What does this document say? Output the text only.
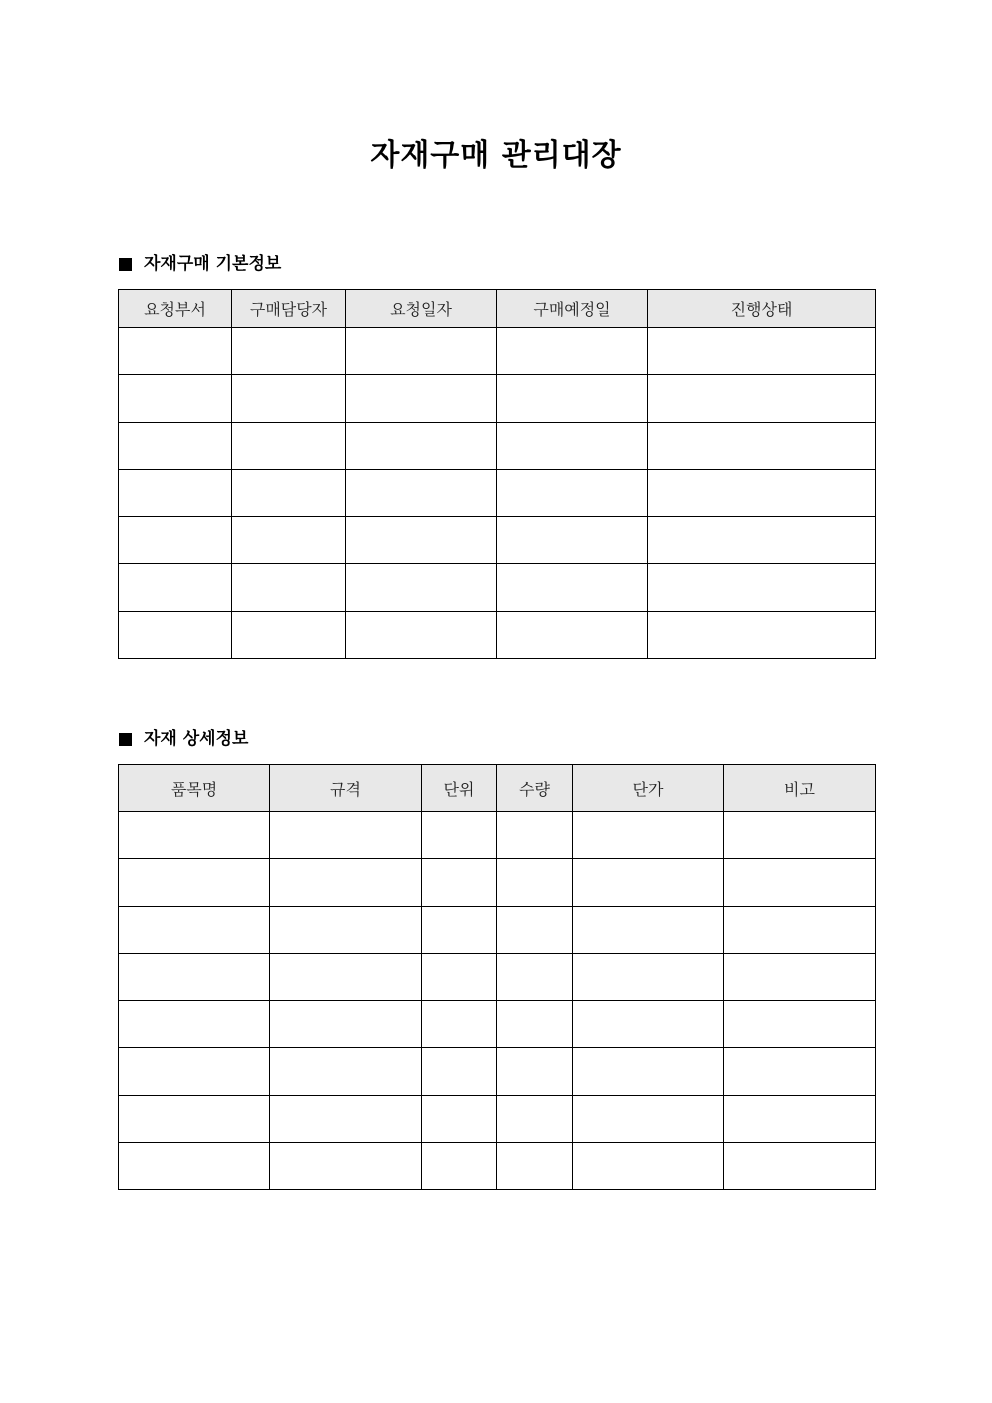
자재구매 관리대장
자재구매 기본정보
요청부서	구매담당자	요청일자	구매예정일	진행상태

자재 상세정보
품목명	규격	단위	수량	단가	비고
